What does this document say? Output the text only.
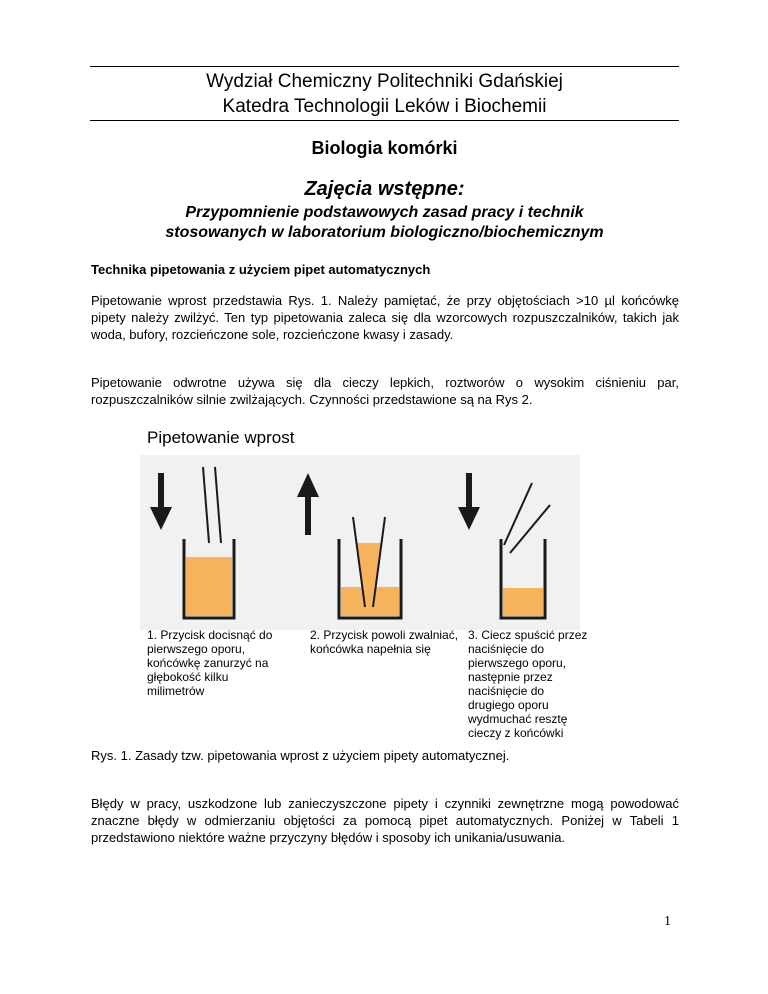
Wydział Chemiczny Politechniki Gdańskiej
Katedra Technologii Leków i Biochemii
Biologia komórki
Zajęcia wstępne:
Przypomnienie podstawowych zasad pracy i technik
stosowanych w laboratorium biologiczno/biochemicznym
Technika pipetowania z użyciem pipet automatycznych

Pipetowanie wprost przedstawia Rys. 1. Należy pamiętać, że przy objętościach >10 µl końcówkę pipety należy zwilżyć. Ten typ pipetowania zaleca się dla wzorcowych rozpuszczalników, takich jak woda, bufory, rozcieńczone sole, rozcieńczone kwasy i zasady.

Pipetowanie odwrotne używa się dla cieczy lepkich, roztworów o wysokim ciśnieniu par, rozpuszczalników silnie zwilżających. Czynności przedstawione są na Rys 2.

Pipetowanie wprost
1. Przycisk docisnąć do pierwszego oporu, końcówkę zanurzyć na głębokość kilku milimetrów
2. Przycisk powoli zwalniać, końcówka napełnia się
3. Ciecz spuścić przez naciśnięcie do pierwszego oporu, następnie przez naciśnięcie do drugiego oporu wydmuchać resztę cieczy z końcówki
Rys. 1. Zasady tzw. pipetowania wprost z użyciem pipety automatycznej.

Błędy w pracy, uszkodzone lub zanieczyszczone pipety i czynniki zewnętrzne mogą powodować znaczne błędy w odmierzaniu objętości za pomocą pipet automatycznych. Poniżej w Tabeli 1 przedstawiono niektóre ważne przyczyny błędów i sposoby ich unikania/usuwania.

1
